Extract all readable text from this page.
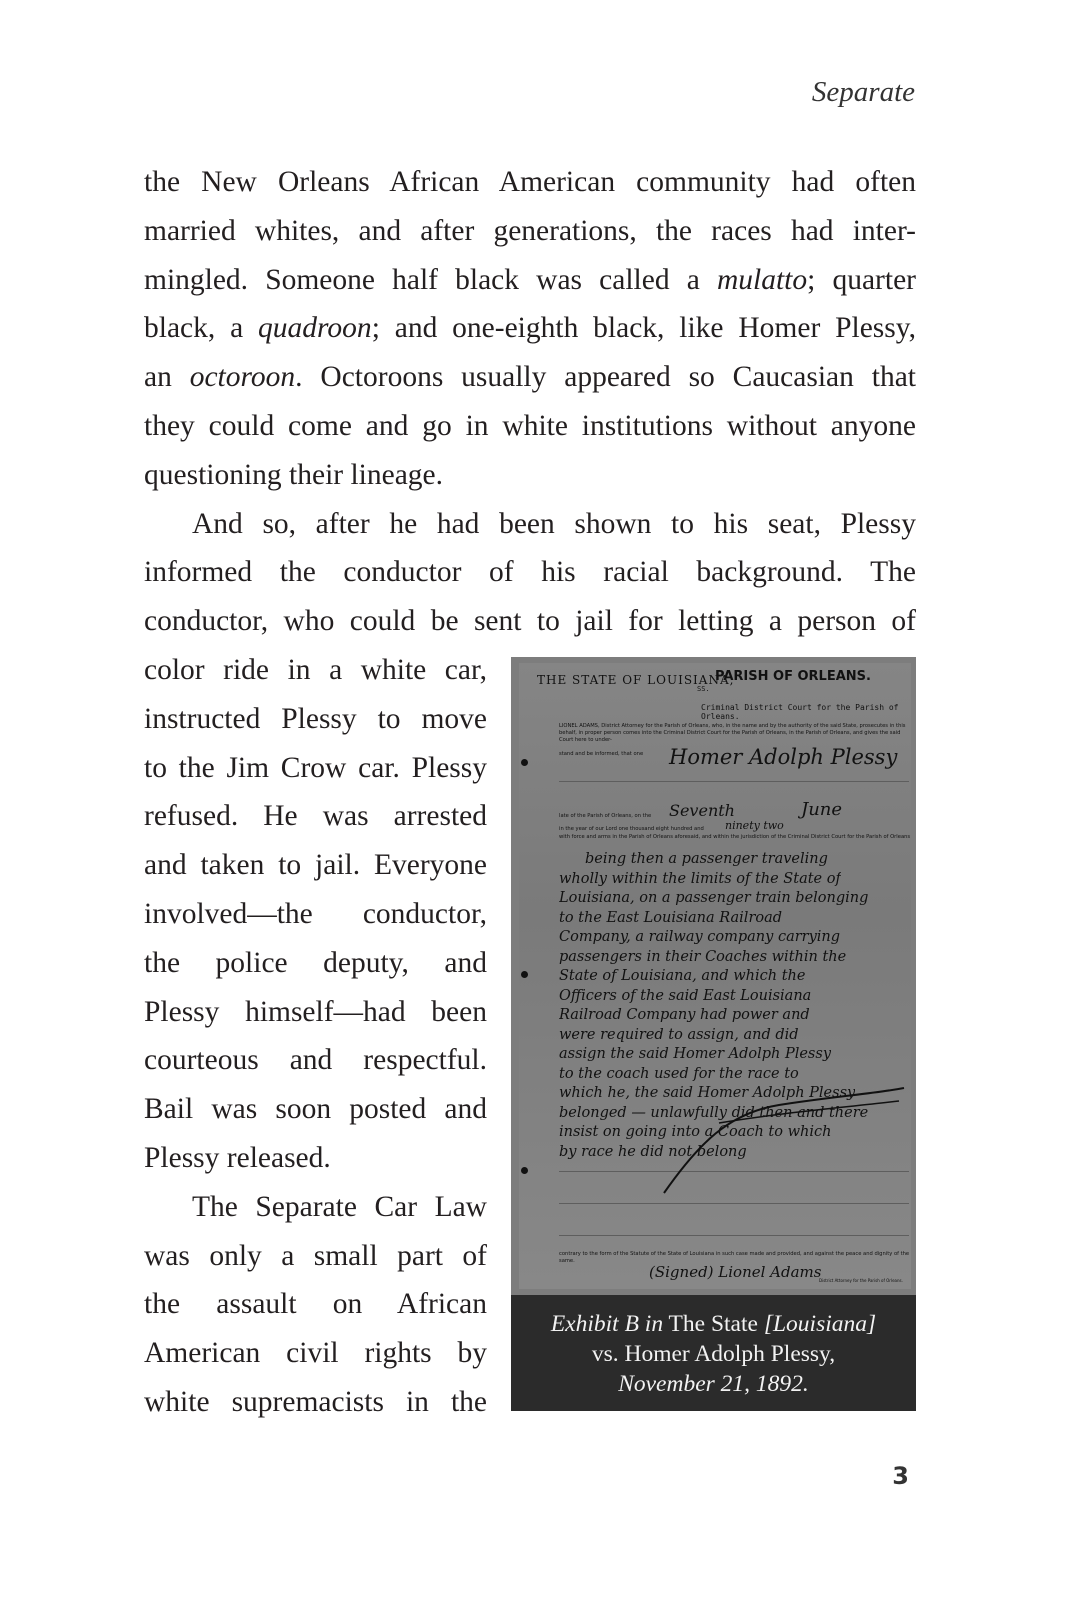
Separate
the New Orleans African American community had often
married whites, and after generations, the races had inter-
mingled. Someone half black was called a mulatto; quarter
black, a quadroon; and one-eighth black, like Homer Plessy,
an octoroon. Octoroons usually appeared so Caucasian that
they could come and go in white institutions without anyone
questioning their lineage.
And so, after he had been shown to his seat, Plessy
informed the conductor of his racial background. The
conductor, who could be sent to jail for letting a person of
color ride in a white car,
instructed Plessy to move
to the Jim Crow car. Plessy
refused. He was arrested
and taken to jail. Everyone
involved—the conductor,
the police deputy, and
Plessy himself—had been
courteous and respectful.
Bail was soon posted and
Plessy released.
The Separate Car Law
was only a small part of
the assault on African
American civil rights by
white supremacists in the
THE STATE OF LOUISIANA,
PARISH OF ORLEANS.
SS.
Criminal District Court for the Parish of Orleans.
LIONEL ADAMS, District Attorney for the Parish of Orleans, who, in the name and by the authority of the said State, prosecutes in this behalf, in proper person comes into the Criminal District Court for the Parish of Orleans, in the Parish of Orleans, and gives the said Court here to under-
stand and be informed, that one	Homer Adolph Plessy
late of the Parish of Orleans, on the	Seventh	June
in the year of our Lord one thousand eight hundred and	ninety two
with force and arms in the Parish of Orleans aforesaid, and within the jurisdiction of the Criminal District Court for the Parish of Orleans
being then a passenger traveling
wholly within the limits of the State of
Louisiana, on a passenger train belonging
to the East Louisiana Railroad
Company, a railway company carrying
passengers in their Coaches within the
State of Louisiana, and which the
Officers of the said East Louisiana
Railroad Company had power and
were required to assign, and did
assign the said Homer Adolph Plessy
to the coach used for the race to
which he, the said Homer Adolph Plessy
belonged — unlawfully did then and there
insist on going into a Coach to which
by race he did not belong
contrary to the form of the Statute of the State of Louisiana in such case made and provided, and against the peace and dignity of the same.
(Signed) Lionel Adams
District Attorney for the Parish of Orleans.
Exhibit B in The State [Louisiana]
vs. Homer Adolph Plessy,
November 21, 1892.
3
